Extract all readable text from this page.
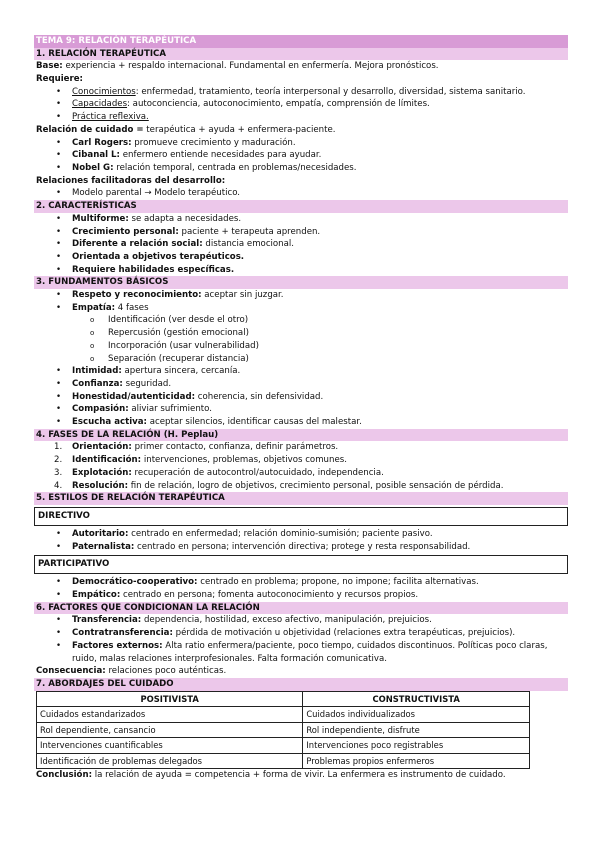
TEMA 9: RELACIÓN TERAPÉUTICA
1. RELACIÓN TERAPÉUTICA
Base: experiencia + respaldo internacional. Fundamental en enfermería. Mejora pronósticos.
Requiere:
• Conocimientos: enfermedad, tratamiento, teoría interpersonal y desarrollo, diversidad, sistema sanitario.
• Capacidades: autoconciencia, autoconocimiento, empatía, comprensión de límites.
• Práctica reflexiva.
Relación de cuidado = terapéutica + ayuda + enfermera-paciente.
• Carl Rogers: promueve crecimiento y maduración.
• Cibanal L: enfermero entiende necesidades para ayudar.
• Nobel G: relación temporal, centrada en problemas/necesidades.
Relaciones facilitadoras del desarrollo:
• Modelo parental → Modelo terapéutico.
2. CARACTERÍSTICAS
• Multiforme: se adapta a necesidades.
• Crecimiento personal: paciente + terapeuta aprenden.
• Diferente a relación social: distancia emocional.
• Orientada a objetivos terapéuticos.
• Requiere habilidades específicas.
3. FUNDAMENTOS BÁSICOS
• Respeto y reconocimiento: aceptar sin juzgar.
• Empatía: 4 fases
o Identificación (ver desde el otro)
o Repercusión (gestión emocional)
o Incorporación (usar vulnerabilidad)
o Separación (recuperar distancia)
• Intimidad: apertura sincera, cercanía.
• Confianza: seguridad.
• Honestidad/autenticidad: coherencia, sin defensividad.
• Compasión: aliviar sufrimiento.
• Escucha activa: aceptar silencios, identificar causas del malestar.
4. FASES DE LA RELACIÓN (H. Peplau)
1. Orientación: primer contacto, confianza, definir parámetros.
2. Identificación: intervenciones, problemas, objetivos comunes.
3. Explotación: recuperación de autocontrol/autocuidado, independencia.
4. Resolución: fin de relación, logro de objetivos, crecimiento personal, posible sensación de pérdida.
5. ESTILOS DE RELACIÓN TERAPÉUTICA
DIRECTIVO
• Autoritario: centrado en enfermedad; relación dominio-sumisión; paciente pasivo.
• Paternalista: centrado en persona; intervención directiva; protege y resta responsabilidad.
PARTICIPATIVO
• Democrático-cooperativo: centrado en problema; propone, no impone; facilita alternativas.
• Empático: centrado en persona; fomenta autoconocimiento y recursos propios.
6. FACTORES QUE CONDICIONAN LA RELACIÓN
• Transferencia: dependencia, hostilidad, exceso afectivo, manipulación, prejuicios.
• Contratransferencia: pérdida de motivación u objetividad (relaciones extra terapéuticas, prejuicios).
• Factores externos: Alta ratio enfermera/paciente, poco tiempo, cuidados discontinuos. Políticas poco claras, ruido, malas relaciones interprofesionales. Falta formación comunicativa.
Consecuencia: relaciones poco auténticas.
7. ABORDAJES DEL CUIDADO
POSITIVISTA	CONSTRUCTIVISTA
Cuidados estandarizados	Cuidados individualizados
Rol dependiente, cansancio	Rol independiente, disfrute
Intervenciones cuantificables	Intervenciones poco registrables
Identificación de problemas delegados	Problemas propios enfermeros
Conclusión: la relación de ayuda = competencia + forma de vivir. La enfermera es instrumento de cuidado.
